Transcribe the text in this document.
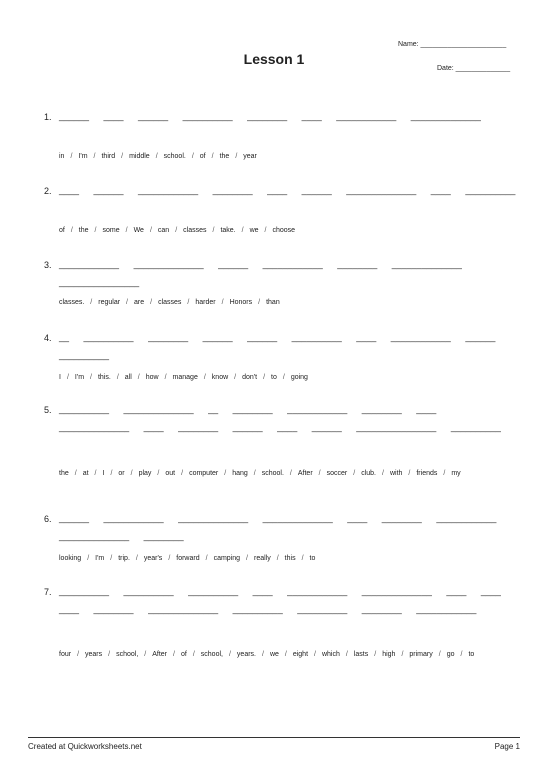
Name: ______________________
Lesson 1
Date: ______________
1. ______ ____ ______ __________ ________ ____ ____________ ______________
in / I'm / third / middle / school. / of / the / year
2. ____ ______ ____________ ________ ____ ______ ______________ ____ __________
of / the / some / We / can / classes / take. / we / choose
3. ____________ ______________ ______ ____________ ________ ______________ ________________
classes. / regular / are / classes / harder / Honors / than
4. __ __________ ________ ______ ______ __________ ____ ____________ ______ __________
I / I'm / this. / all / how / manage / know / don't / to / going
5. __________ ______________ __ ________ ____________ ________ ____ ______________ ____ ________ ______ ____ ______ ________________ __________
the / at / I / or / play / out / computer / hang / school. / After / soccer / club. / with / friends / my
6. ______ ____________ ______________ ______________ ____ ________ ____________ ______________ ________
looking / I'm / trip. / year's / forward / camping / really / this / to
7. __________ __________ __________ ____ ____________ ______________ ____ ____ ____ ________ ______________ __________ __________ ________ ____________
four / years / school, / After / of / school, / years. / we / eight / which / lasts / high / primary / go / to
Created at Quickworksheets.net	Page 1
